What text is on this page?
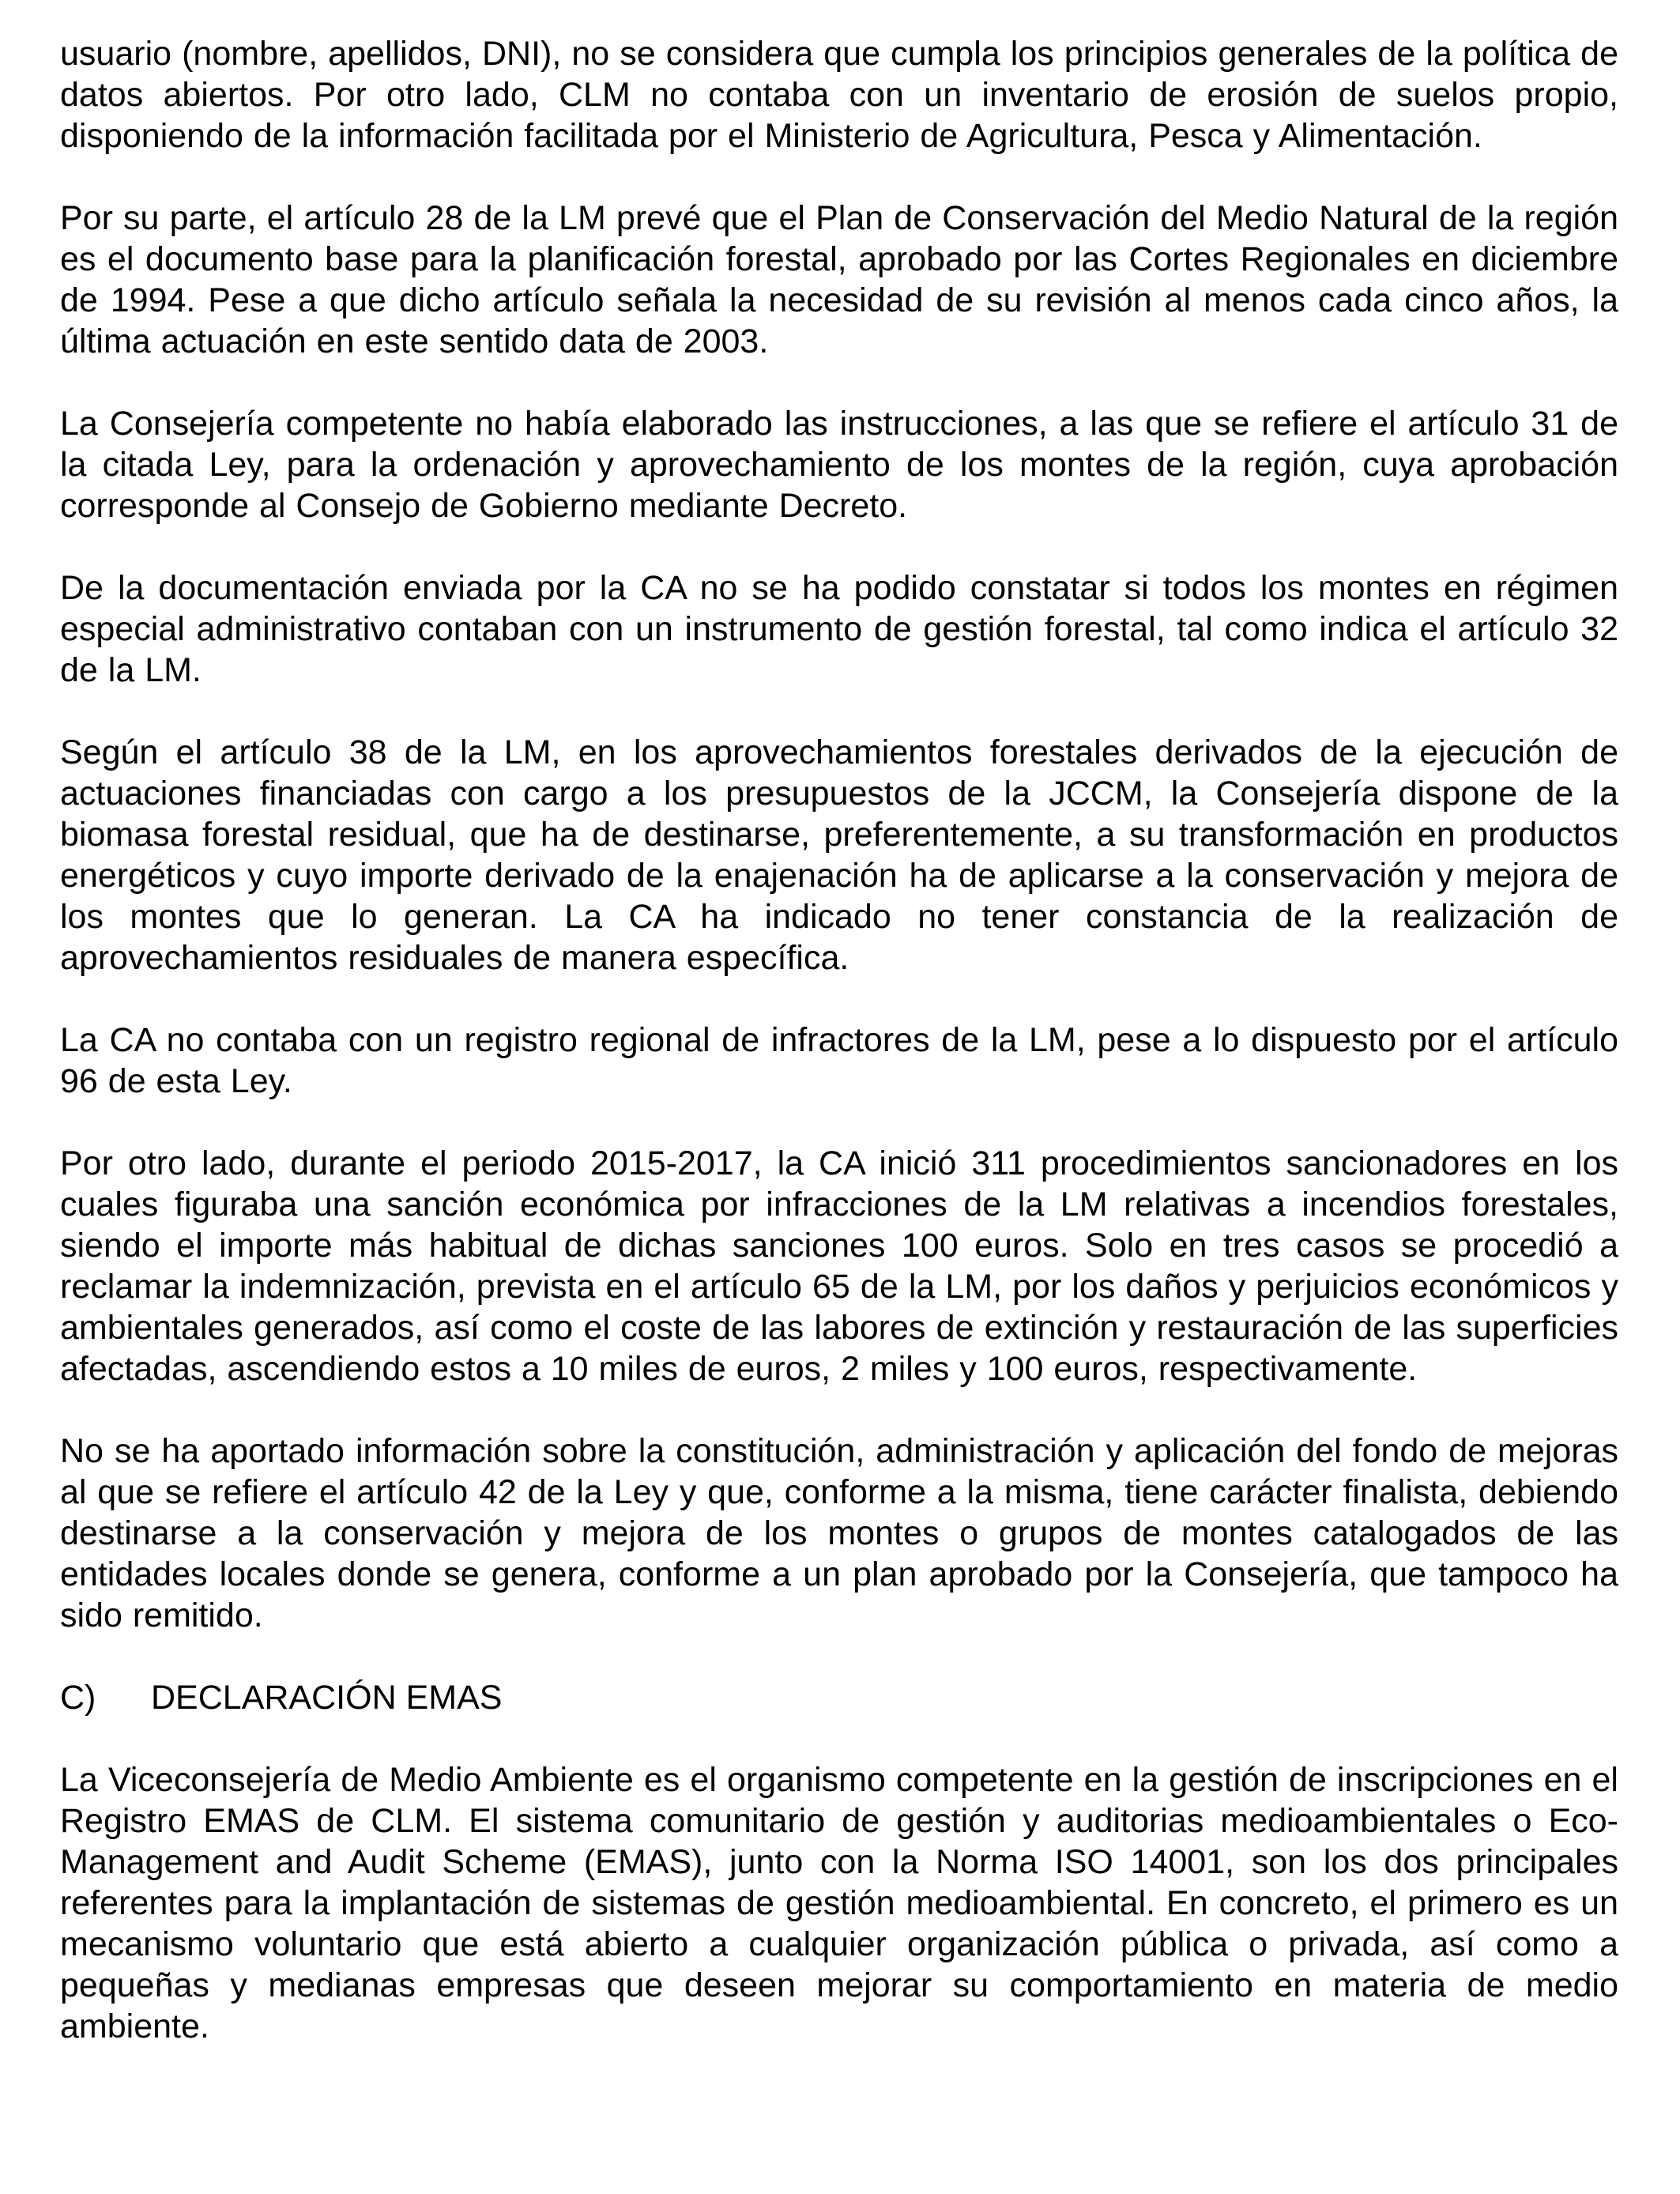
usuario (nombre, apellidos, DNI), no se considera que cumpla los principios generales de la política de datos abiertos. Por otro lado, CLM no contaba con un inventario de erosión de suelos propio, disponiendo de la información facilitada por el Ministerio de Agricultura, Pesca y Alimentación.

Por su parte, el artículo 28 de la LM prevé que el Plan de Conservación del Medio Natural de la región es el documento base para la planificación forestal, aprobado por las Cortes Regionales en diciembre de 1994. Pese a que dicho artículo señala la necesidad de su revisión al menos cada cinco años, la última actuación en este sentido data de 2003.

La Consejería competente no había elaborado las instrucciones, a las que se refiere el artículo 31 de la citada Ley, para la ordenación y aprovechamiento de los montes de la región, cuya aprobación corresponde al Consejo de Gobierno mediante Decreto.

De la documentación enviada por la CA no se ha podido constatar si todos los montes en régimen especial administrativo contaban con un instrumento de gestión forestal, tal como indica el artículo 32 de la LM.

Según el artículo 38 de la LM, en los aprovechamientos forestales derivados de la ejecución de actuaciones financiadas con cargo a los presupuestos de la JCCM, la Consejería dispone de la biomasa forestal residual, que ha de destinarse, preferentemente, a su transformación en productos energéticos y cuyo importe derivado de la enajenación ha de aplicarse a la conservación y mejora de los montes que lo generan. La CA ha indicado no tener constancia de la realización de aprovechamientos residuales de manera específica.

La CA no contaba con un registro regional de infractores de la LM, pese a lo dispuesto por el artículo 96 de esta Ley.

Por otro lado, durante el periodo 2015-2017, la CA inició 311 procedimientos sancionadores en los cuales figuraba una sanción económica por infracciones de la LM relativas a incendios forestales, siendo el importe más habitual de dichas sanciones 100 euros. Solo en tres casos se procedió a reclamar la indemnización, prevista en el artículo 65 de la LM, por los daños y perjuicios económicos y ambientales generados, así como el coste de las labores de extinción y restauración de las superficies afectadas, ascendiendo estos a 10 miles de euros, 2 miles y 100 euros, respectivamente.

No se ha aportado información sobre la constitución, administración y aplicación del fondo de mejoras al que se refiere el artículo 42 de la Ley y que, conforme a la misma, tiene carácter finalista, debiendo destinarse a la conservación y mejora de los montes o grupos de montes catalogados de las entidades locales donde se genera, conforme a un plan aprobado por la Consejería, que tampoco ha sido remitido.

C)	DECLARACIÓN EMAS

La Viceconsejería de Medio Ambiente es el organismo competente en la gestión de inscripciones en el Registro EMAS de CLM. El sistema comunitario de gestión y auditorias medioambientales o Eco-Management and Audit Scheme (EMAS), junto con la Norma ISO 14001, son los dos principales referentes para la implantación de sistemas de gestión medioambiental. En concreto, el primero es un mecanismo voluntario que está abierto a cualquier organización pública o privada, así como a pequeñas y medianas empresas que deseen mejorar su comportamiento en materia de medio ambiente.
